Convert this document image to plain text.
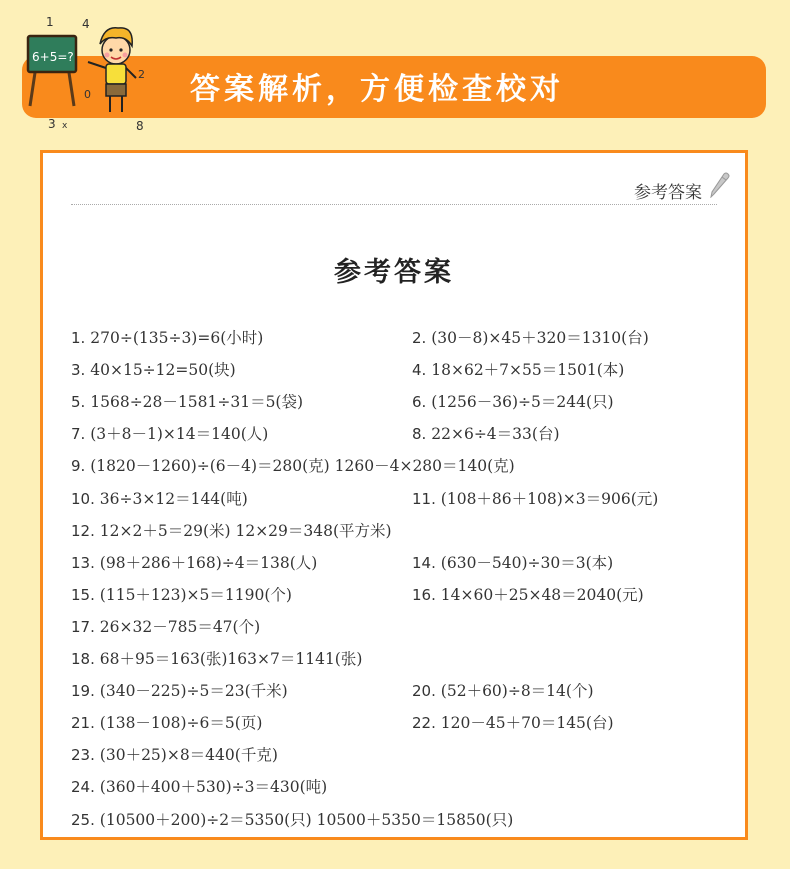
答案解析，方便检查校对
6+5=?
1 4
0
2
3 x	8
参考答案
参考答案
1. 270÷(135÷3)=6(小时)	2. (30－8)×45＋320＝1310(台)
3. 40×15÷12=50(块)	4. 18×62＋7×55＝1501(本)
5. 1568÷28－1581÷31＝5(袋)	6. (1256－36)÷5＝244(只)
7. (3＋8－1)×14＝140(人)	8. 22×6÷4＝33(台)
9. (1820－1260)÷(6－4)＝280(克) 1260－4×280＝140(克)
10. 36÷3×12＝144(吨)	11. (108＋86＋108)×3＝906(元)
12. 12×2＋5＝29(米) 12×29＝348(平方米)
13. (98＋286＋168)÷4＝138(人)	14. (630－540)÷30＝3(本)
15. (115＋123)×5＝1190(个)	16. 14×60＋25×48＝2040(元)
17. 26×32－785＝47(个)
18. 68＋95＝163(张)163×7＝1141(张)
19. (340－225)÷5＝23(千米)	20. (52＋60)÷8＝14(个)
21. (138－108)÷6＝5(页)	22. 120－45＋70＝145(台)
23. (30＋25)×8＝440(千克)
24. (360＋400＋530)÷3＝430(吨)
25. (10500＋200)÷2＝5350(只) 10500＋5350＝15850(只)
